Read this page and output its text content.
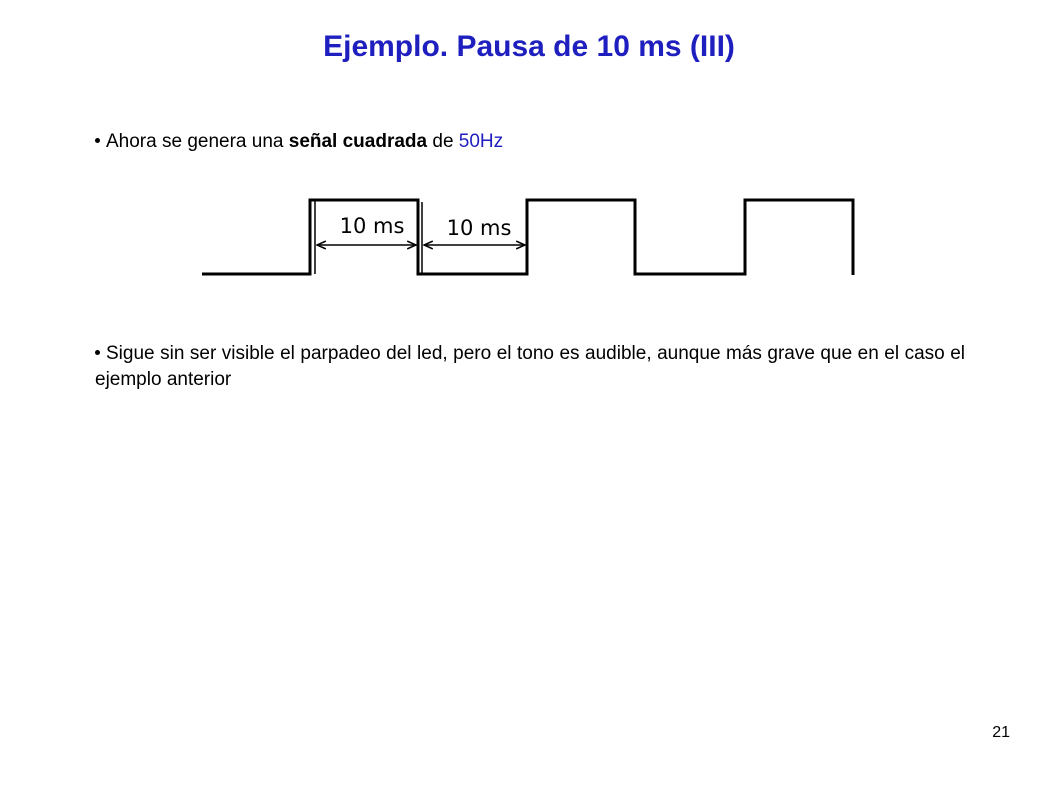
Ejemplo. Pausa de 10 ms (III)
Ahora se genera una señal cuadrada de 50Hz
10 ms 10 ms
Sigue sin ser visible el parpadeo del led, pero el tono es audible, aunque más grave que en el caso el ejemplo anterior
21
